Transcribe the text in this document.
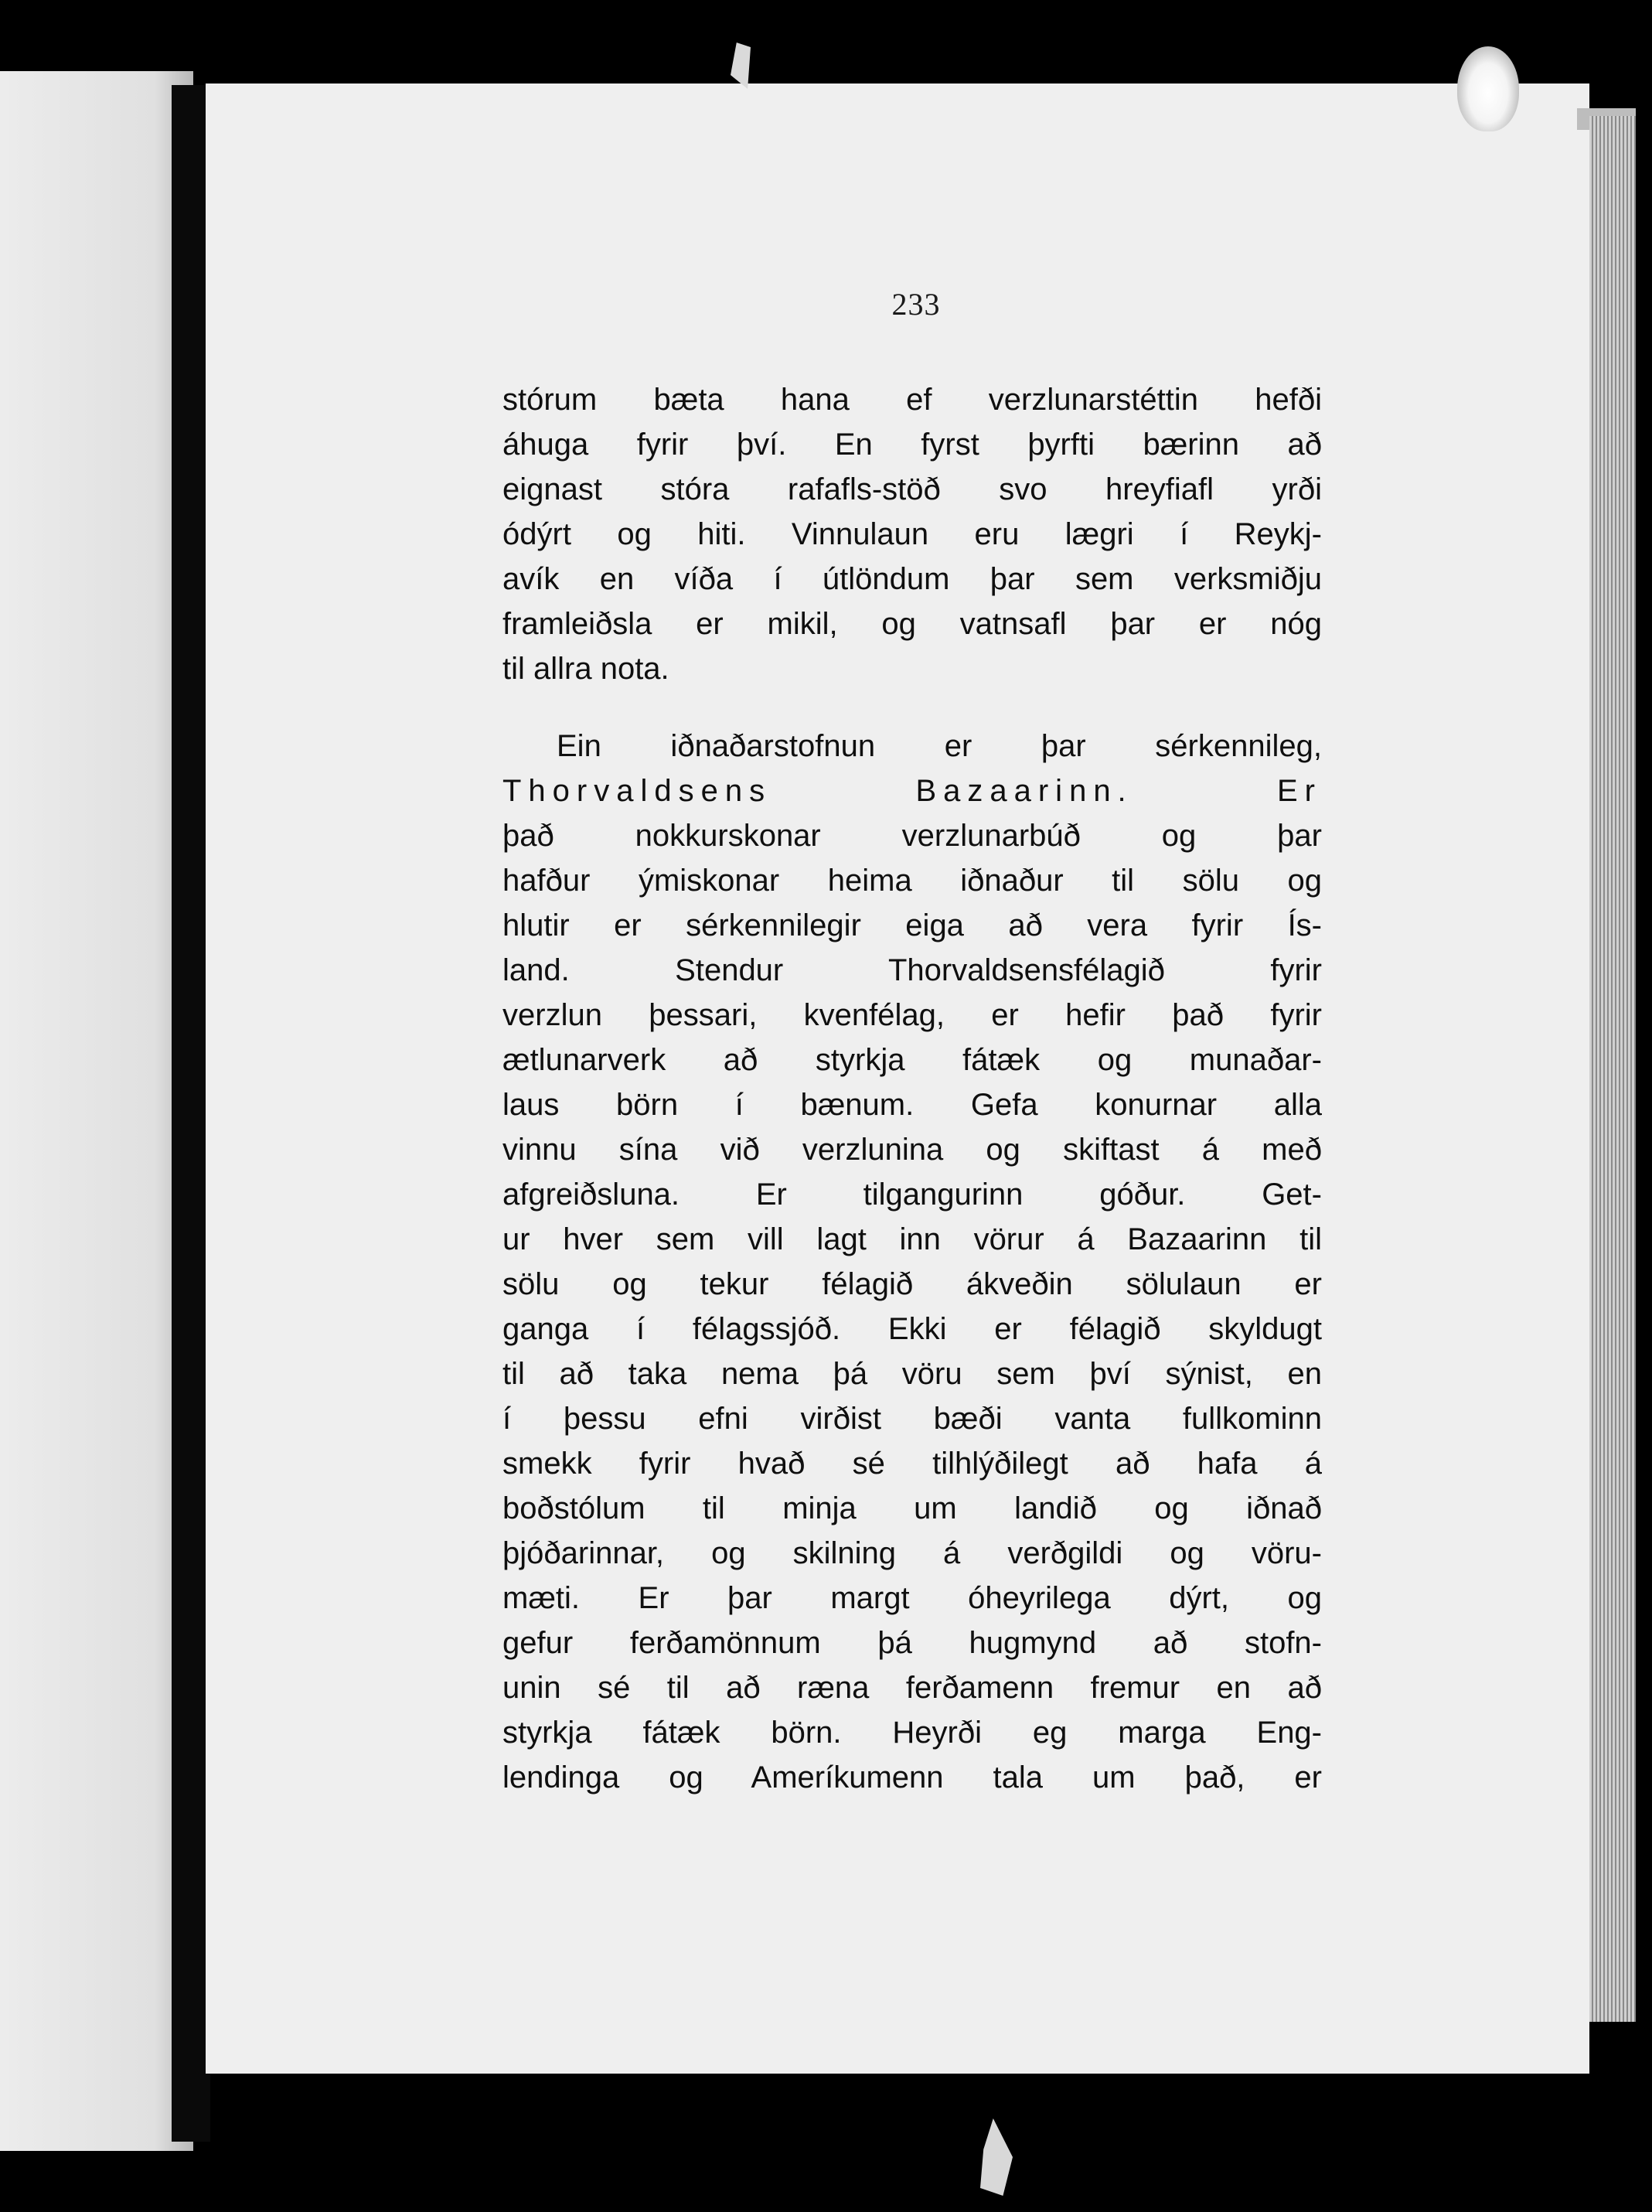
233
stórum bæta hana ef verzlunarstéttin hefði
áhuga fyrir því. En fyrst þyrfti bærinn að
eignast stóra rafafls-stöð svo hreyfiafl yrði
ódýrt og hiti. Vinnulaun eru lægri í Reykj-
avík en víða í útlöndum þar sem verksmiðju
framleiðsla er mikil, og vatnsafl þar er nóg
til allra nota.
Ein iðnaðarstofnun er þar sérkennileg,
Thorvaldsens Bazaarinn. Er
það nokkurskonar verzlunarbúð og þar
hafður ýmiskonar heima iðnaður til sölu og
hlutir er sérkennilegir eiga að vera fyrir Ís-
land. Stendur Thorvaldsensfélagið fyrir
verzlun þessari, kvenfélag, er hefir það fyrir
ætlunarverk að styrkja fátæk og munaðar-
laus börn í bænum. Gefa konurnar alla
vinnu sína við verzlunina og skiftast á með
afgreiðsluna. Er tilgangurinn góður. Get-
ur hver sem vill lagt inn vörur á Bazaarinn til
sölu og tekur félagið ákveðin sölulaun er
ganga í félagssjóð. Ekki er félagið skyldugt
til að taka nema þá vöru sem því sýnist, en
í þessu efni virðist bæði vanta fullkominn
smekk fyrir hvað sé tilhlýðilegt að hafa á
boðstólum til minja um landið og iðnað
þjóðarinnar, og skilning á verðgildi og vöru-
mæti. Er þar margt óheyrilega dýrt, og
gefur ferðamönnum þá hugmynd að stofn-
unin sé til að ræna ferðamenn fremur en að
styrkja fátæk börn. Heyrði eg marga Eng-
lendinga og Ameríkumenn tala um það, er
